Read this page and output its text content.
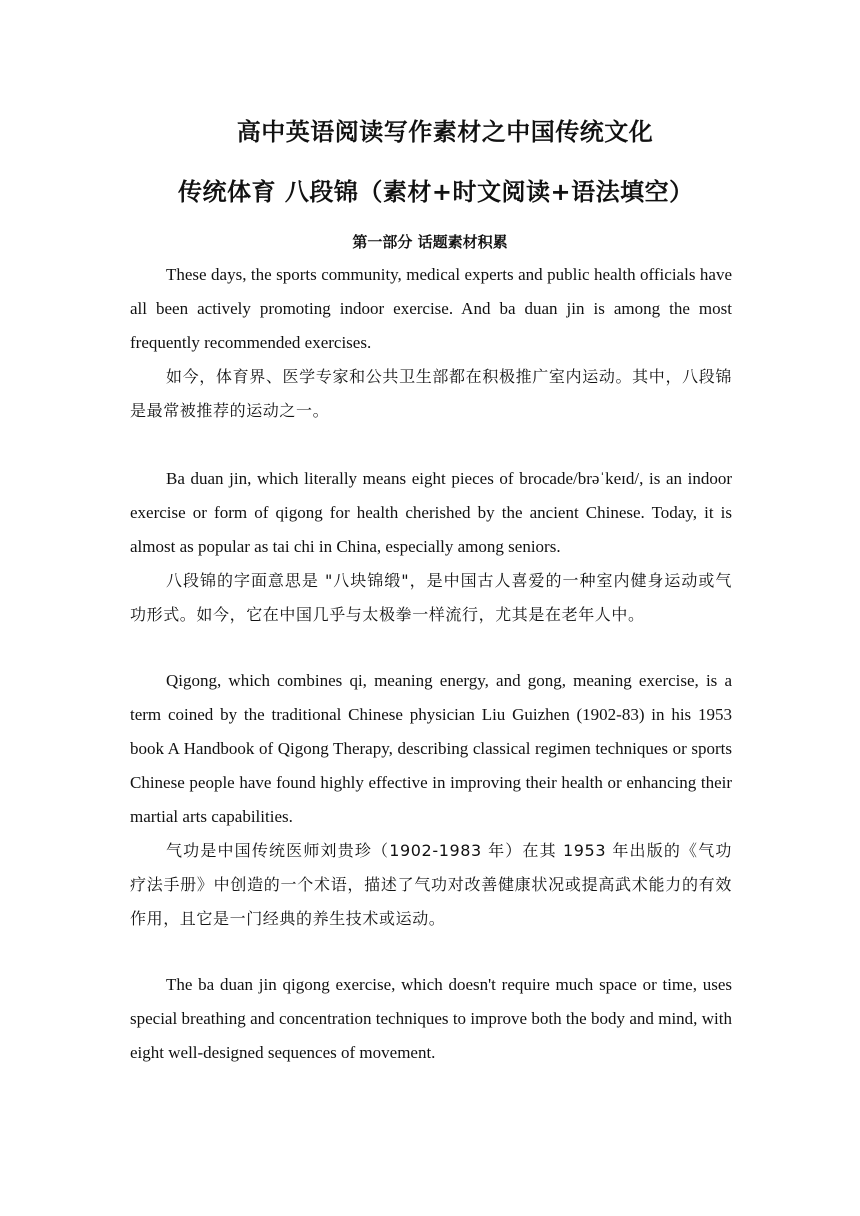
高中英语阅读写作素材之中国传统文化
传统体育 八段锦（素材+时文阅读+语法填空）
第一部分 话题素材积累

These days, the sports community, medical experts and public health officials have all been actively promoting indoor exercise. And ba duan jin is among the most frequently recommended exercises.

如今，体育界、医学专家和公共卫生部都在积极推广室内运动。其中，八段锦是最常被推荐的运动之一。

Ba duan jin, which literally means eight pieces of brocade/brəˈkeɪd/, is an indoor exercise or form of qigong for health cherished by the ancient Chinese. Today, it is almost as popular as tai chi in China, especially among seniors.

八段锦的字面意思是 "八块锦缎"，是中国古人喜爱的一种室内健身运动或气功形式。如今，它在中国几乎与太极拳一样流行，尤其是在老年人中。

Qigong, which combines qi, meaning energy, and gong, meaning exercise, is a term coined by the traditional Chinese physician Liu Guizhen (1902-83) in his 1953 book A Handbook of Qigong Therapy, describing classical regimen techniques or sports Chinese people have found highly effective in improving their health or enhancing their martial arts capabilities.

气功是中国传统医师刘贵珍（1902-1983 年）在其 1953 年出版的《气功疗法手册》中创造的一个术语，描述了气功对改善健康状况或提高武术能力的有效作用，且它是一门经典的养生技术或运动。

The ba duan jin qigong exercise, which doesn't require much space or time, uses special breathing and concentration techniques to improve both the body and mind, with eight well-designed sequences of movement.
